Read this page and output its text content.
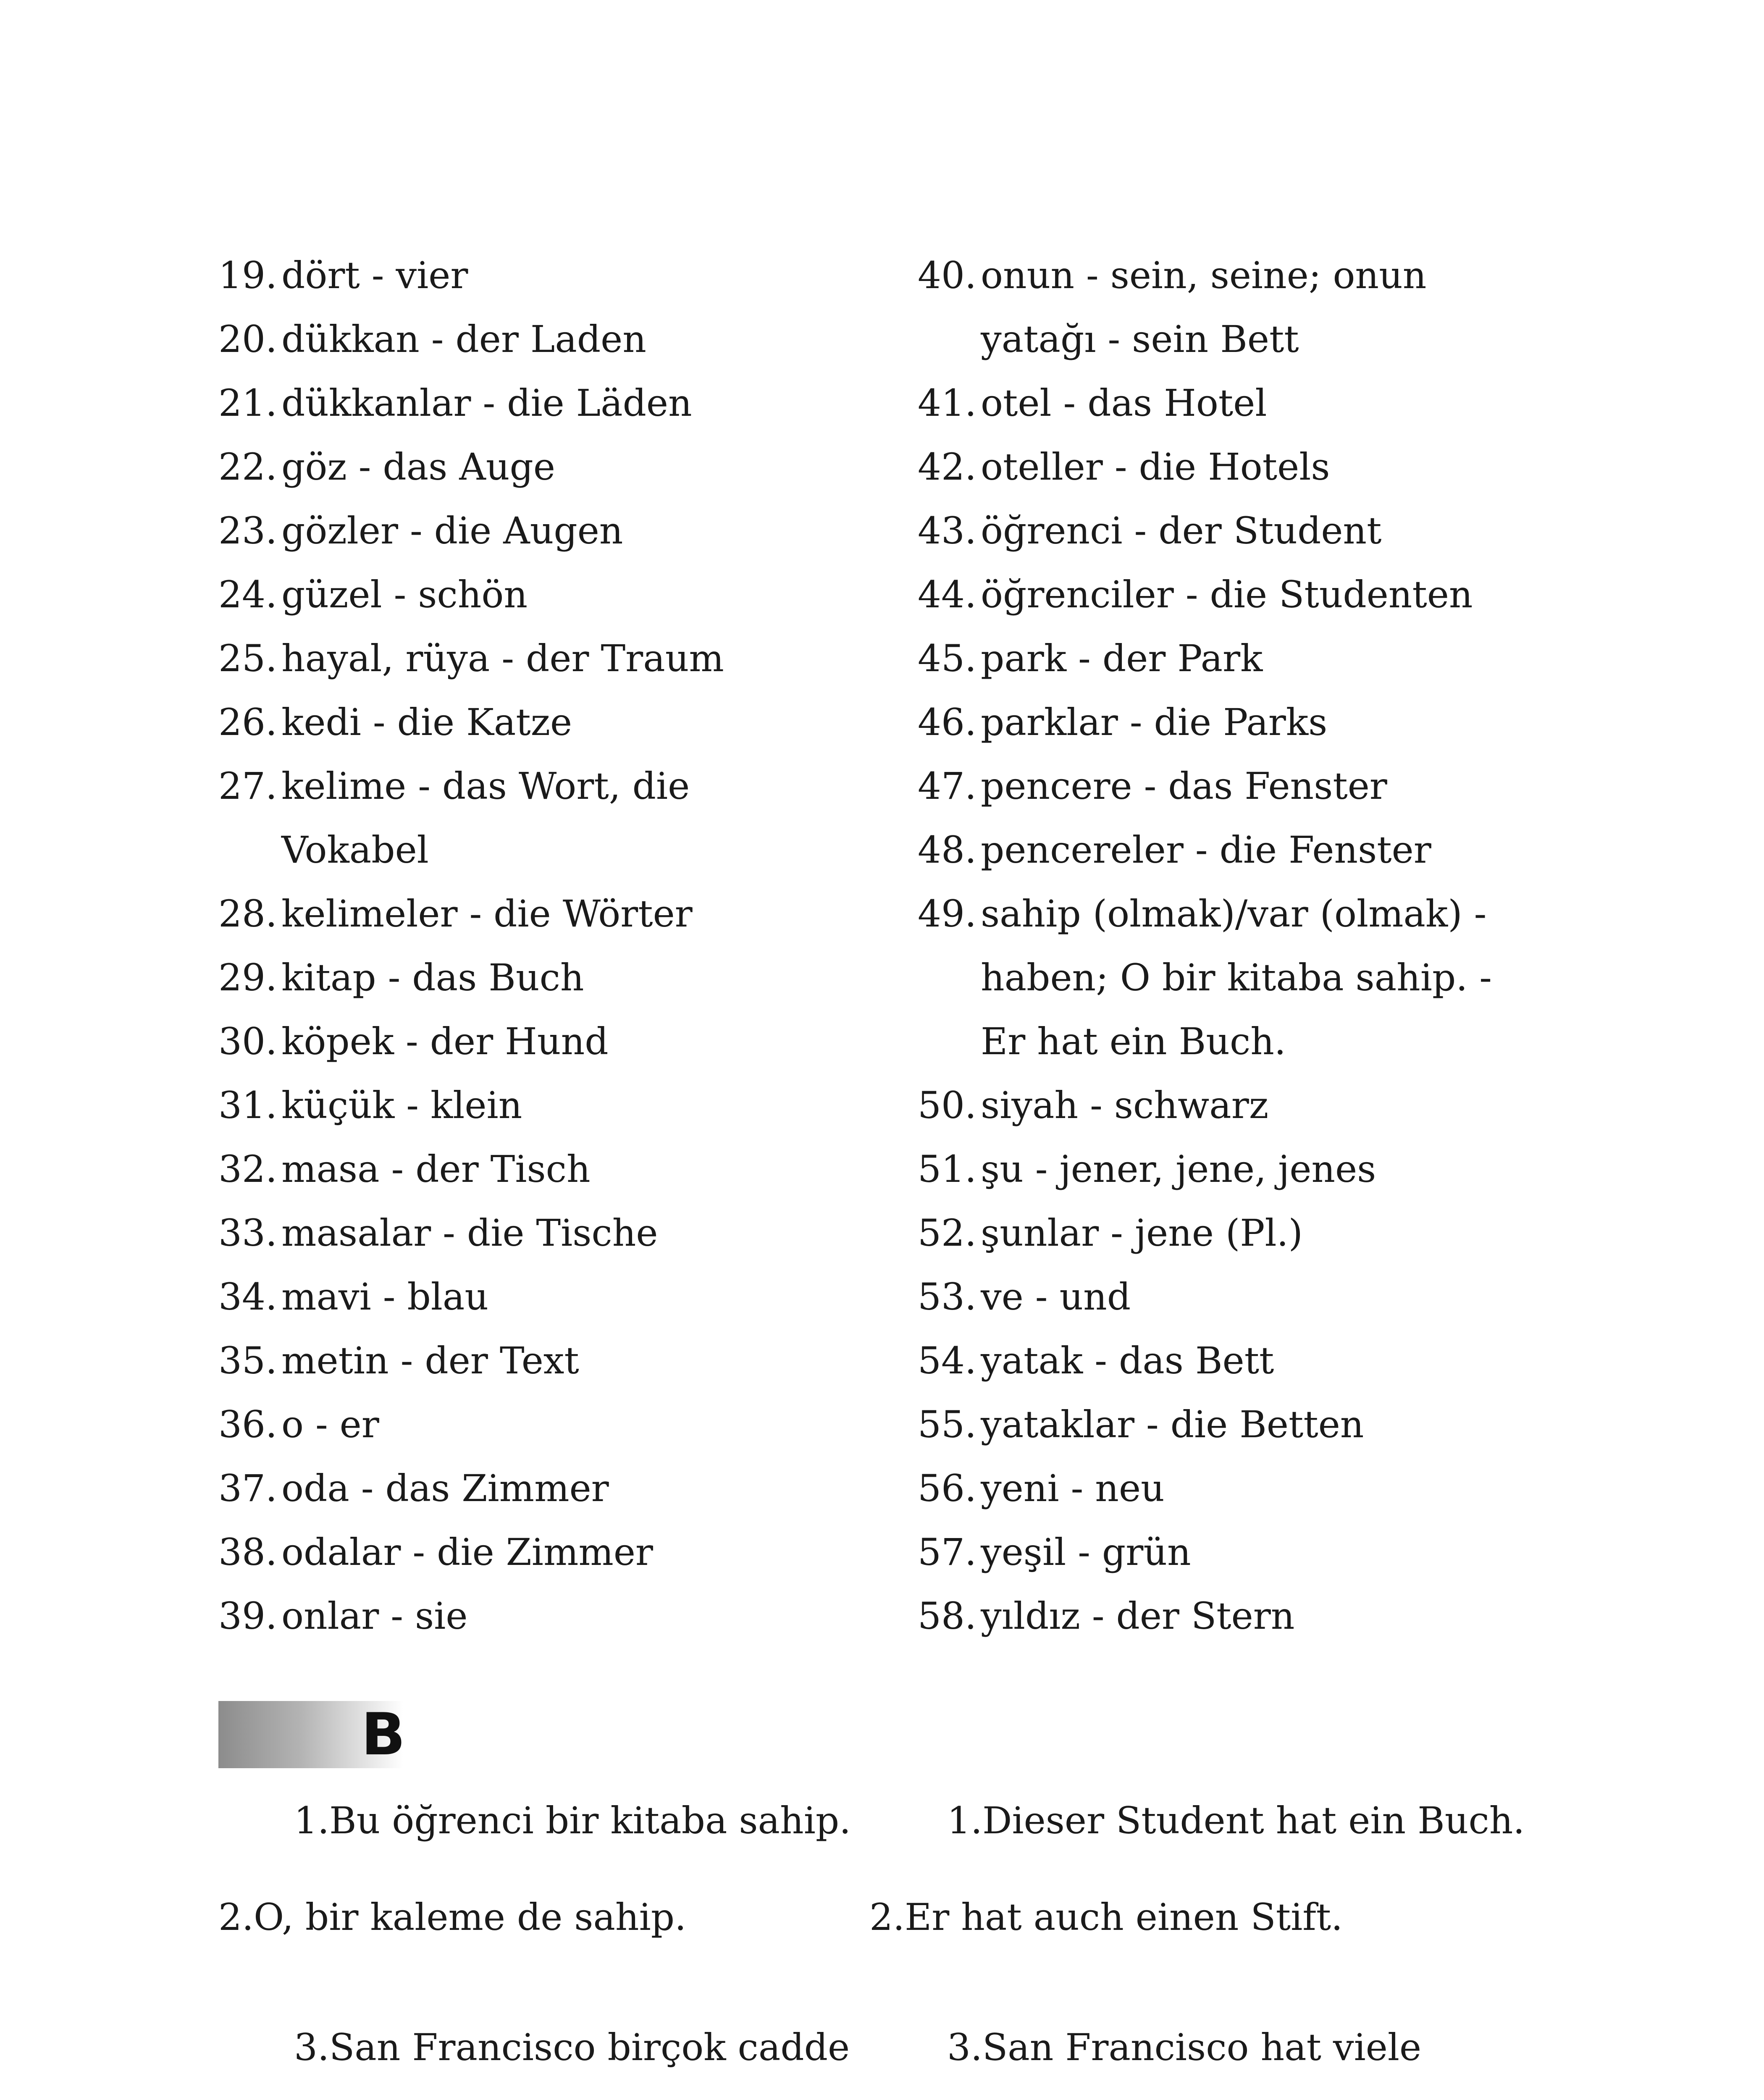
19. dört - vier
20. dükkan - der Laden
21. dükkanlar - die Läden
22. göz - das Auge
23. gözler - die Augen
24. güzel - schön
25. hayal, rüya - der Traum
26. kedi - die Katze
27. kelime - das Wort, die
Vokabel
28. kelimeler - die Wörter
29. kitap - das Buch
30. köpek - der Hund
31. küçük - klein
32. masa - der Tisch
33. masalar - die Tische
34. mavi - blau
35. metin - der Text
36. o - er
37. oda - das Zimmer
38. odalar - die Zimmer
39. onlar - sie
40. onun - sein, seine; onun
yatağı - sein Bett
41. otel - das Hotel
42. oteller - die Hotels
43. öğrenci - der Student
44. öğrenciler - die Studenten
45. park - der Park
46. parklar - die Parks
47. pencere - das Fenster
48. pencereler - die Fenster
49. sahip (olmak)/var (olmak) -
haben; O bir kitaba sahip. -
Er hat ein Buch.
50. siyah - schwarz
51. şu - jener, jene, jenes
52. şunlar - jene (Pl.)
53. ve - und
54. yatak - das Bett
55. yataklar - die Betten
56. yeni - neu
57. yeşil - grün
58. yıldız - der Stern
B
1.Bu öğrenci bir kitaba sahip.	1.Dieser Student hat ein Buch.
2.O, bir kaleme de sahip.	2.Er hat auch einen Stift.
3.San Francisco birçok cadde	3.San Francisco hat viele
